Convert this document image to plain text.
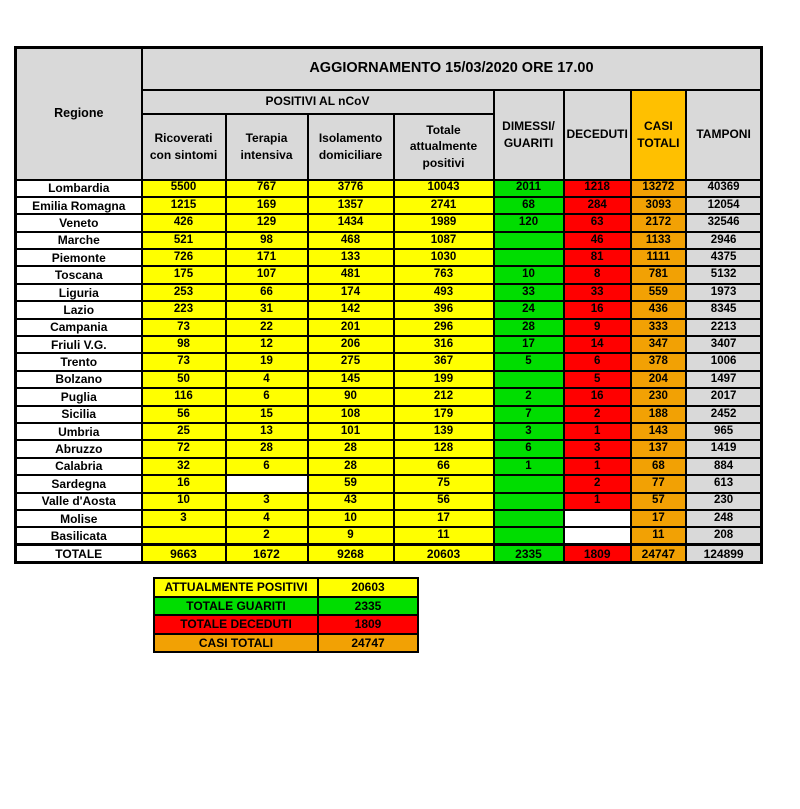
Regione	AGGIORNAMENTO 15/03/2020 ORE 17.00							
	POSITIVI AL nCoV				DIMESSI/ GUARITI	DECEDUTI	CASI TOTALI	TAMPONI
	Ricoverati con sintomi	Terapia intensiva	Isolamento domiciliare	Totale attualmente positivi				
Lombardia	5500	767	3776	10043	2011	1218	13272	40369
Emilia Romagna	1215	169	1357	2741	68	284	3093	12054
Veneto	426	129	1434	1989	120	63	2172	32546
Marche	521	98	468	1087		46	1133	2946
Piemonte	726	171	133	1030		81	1111	4375
Toscana	175	107	481	763	10	8	781	5132
Liguria	253	66	174	493	33	33	559	1973
Lazio	223	31	142	396	24	16	436	8345
Campania	73	22	201	296	28	9	333	2213
Friuli V.G.	98	12	206	316	17	14	347	3407
Trento	73	19	275	367	5	6	378	1006
Bolzano	50	4	145	199		5	204	1497
Puglia	116	6	90	212	2	16	230	2017
Sicilia	56	15	108	179	7	2	188	2452
Umbria	25	13	101	139	3	1	143	965
Abruzzo	72	28	28	128	6	3	137	1419
Calabria	32	6	28	66	1	1	68	884
Sardegna	16		59	75		2	77	613
Valle d'Aosta	10	3	43	56		1	57	230
Molise	3	4	10	17			17	248
Basilicata		2	9	11			11	208
TOTALE	9663	1672	9268	20603	2335	1809	24747	124899
ATTUALMENTE POSITIVI	20603
TOTALE GUARITI	2335
TOTALE DECEDUTI	1809
CASI TOTALI	24747
